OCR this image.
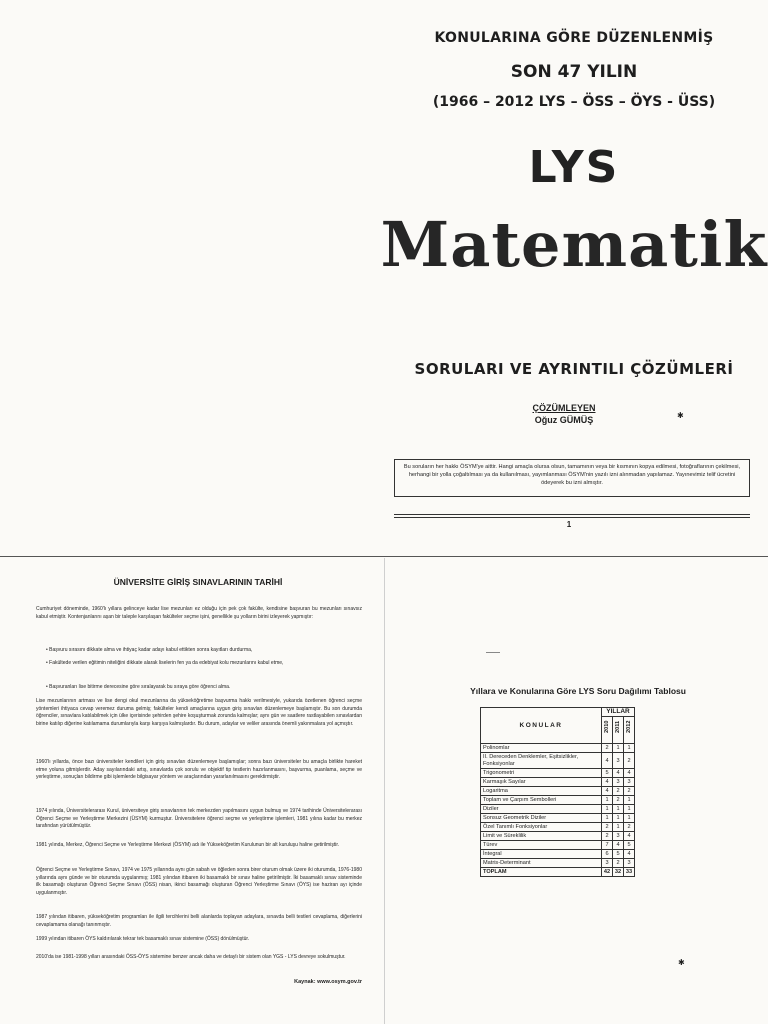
KONULARINA GÖRE DÜZENLENMİŞ
SON 47 YILIN
(1966 – 2012 LYS – ÖSS – ÖYS - ÜSS)
LYS
Matematik
SORULARI VE AYRINTILI ÇÖZÜMLERİ
ÇÖZÜMLEYEN
Oğuz GÜMÜŞ	✱
Bu soruların her hakkı ÖSYM'ye aittir. Hangi amaçla olursa olsun, tamamının veya bir kısmının kopya edilmesi, fotoğraflarının çekilmesi, herhangi bir yolla çoğaltılması ya da kullanılması, yayımlanması ÖSYM'nin yazılı izni alınmadan yapılamaz. Yayınevimiz telif ücretini ödeyerek bu izni almıştır.
1
ÜNİVERSİTE GİRİŞ SINAVLARININ TARİHİ
Cumhuriyet döneminde, 1960'lı yıllara gelinceye kadar lise mezunları ez olduğu için pek çok fakülte, kendisine başvuran bu mezunları sınavsız kabul etmiştir. Kontenjanlarını aşan bir taleple karşılaşan fakülteler seçme işini, genellikle şu yolların birini izleyerek yapmıştır:
• Başvuru sırasını dikkate alma ve ihtiyaç kadar adayı kabul ettikten sonra kayıtları durdurma,
• Fakültede verilen eğitimin niteliğini dikkate alarak liselerin fen ya da edebiyat kolu mezunlarını kabul etme,
• Başvuranları lise bitirme derecesine göre sıralayarak bu sıraya göre öğrenci alma.
Lise mezunlarının artması ve lise dengi okul mezunlarına da yükseköğretime başvurma hakkı verilmesiyle, yukarıda özetlenen öğrenci seçme yöntemleri ihtiyaca cevap veremez duruma gelmiş; fakülteler kendi amaçlarına uygun giriş sınavları düzenlemeye başlamıştır. Bu son durumda öğrenciler, sınavlara katılabilmek için ülke içerisinde şehirden şehire koşuşturmak zorunda kalmışlar; aynı gün ve saatlere rastlayabilen sınavlardan birine katılıp diğerine katılamama durumlarıyla karşı karşıya kalmışlardır. Bu durum, adaylar ve veliler arasında önemli yakınmalara yol açmıştır.
1960'lı yıllarda, önce bazı üniversiteler kendileri için giriş sınavları düzenlemeye başlamışlar; sonra bazı üniversiteler bu amaçla birlikte hareket etme yoluna gitmişlerdir. Aday sayılarındaki artış, sınavlarda çok sorulu ve objektif tip testlerin hazırlanmasını, başvurma, puanlama, seçme ve yerleştirme, sonuçları bildirme gibi işlemlerde bilgisayar yöntem ve araçlarından yararlanılmasını gerektirmiştir.
1974 yılında, Üniversitelerarası Kurul, üniversiteye giriş sınavlarının tek merkezden yapılmasını uygun bulmuş ve 1974 tarihinde Üniversitelerarası Öğrenci Seçme ve Yerleştirme Merkezini (ÜSYM) kurmuştur. Üniversitelere öğrenci seçme ve yerleştirme işlemleri, 1981 yılına kadar bu merkez tarafından yürütülmüştür.
1981 yılında, Merkez, Öğrenci Seçme ve Yerleştirme Merkezi (ÖSYM) adı ile Yükseköğretim Kurulunun bir alt kuruluşu haline getirilmiştir.
Öğrenci Seçme ve Yerleştirme Sınavı, 1974 ve 1975 yıllarında aynı gün sabah ve öğleden sonra birer oturum olmak üzere iki oturumda, 1976-1980 yıllarında aynı günde ve bir oturumda uygulanmış; 1981 yılından itibaren iki basamaklı bir sınav haline getirilmiştir. İki basamaklı sınav sisteminde ilk basamağı oluşturan Öğrenci Seçme Sınavı (ÖSS) nisan, ikinci basamağı oluşturan Öğrenci Yerleştirme Sınavı (ÖYS) ise haziran ayı içinde uygulanmıştır.
1987 yılından itibaren, yükseköğretim programları ile ilgili tercihlerini belli alanlarda toplayan adaylara, sınavda belli testleri cevaplama, diğerlerini cevaplamama olanağı tanınmıştır.
1999 yılından itibaren ÖYS kaldırılarak tekrar tek basamaklı sınav sistemine (ÖSS) dönülmüştür.
2010'da ise 1981-1998 yılları arasındaki ÖSS-ÖYS sistemine benzer ancak daha ve detaylı bir sistem olan YGS - LYS devreye sokulmuştur.
Kaynak: www.osym.gov.tr
Yıllara ve Konularına Göre LYS Soru Dağılımı Tablosu
KONULAR	YILLAR		

	2010	2011	2012

Polinomlar	2	1	1
II. Dereceden Denklemler, Eşitsizlikler, Fonksiyonlar	4	3	2
Trigonometri	5	4	4
Karmaşık Sayılar	4	3	3
Logaritma	4	2	2
Toplam ve Çarpım Sembolleri	1	2	1
Diziler	1	1	1
Sonsuz Geometrik Diziler	1	1	1
Özel Tanımlı Fonksiyonlar	2	1	2
Limit ve Süreklilik	2	3	4
Türev	7	4	5
İntegral	6	5	4
Matris-Determinant	3	2	3
TOPLAM	42	32	33
✱
